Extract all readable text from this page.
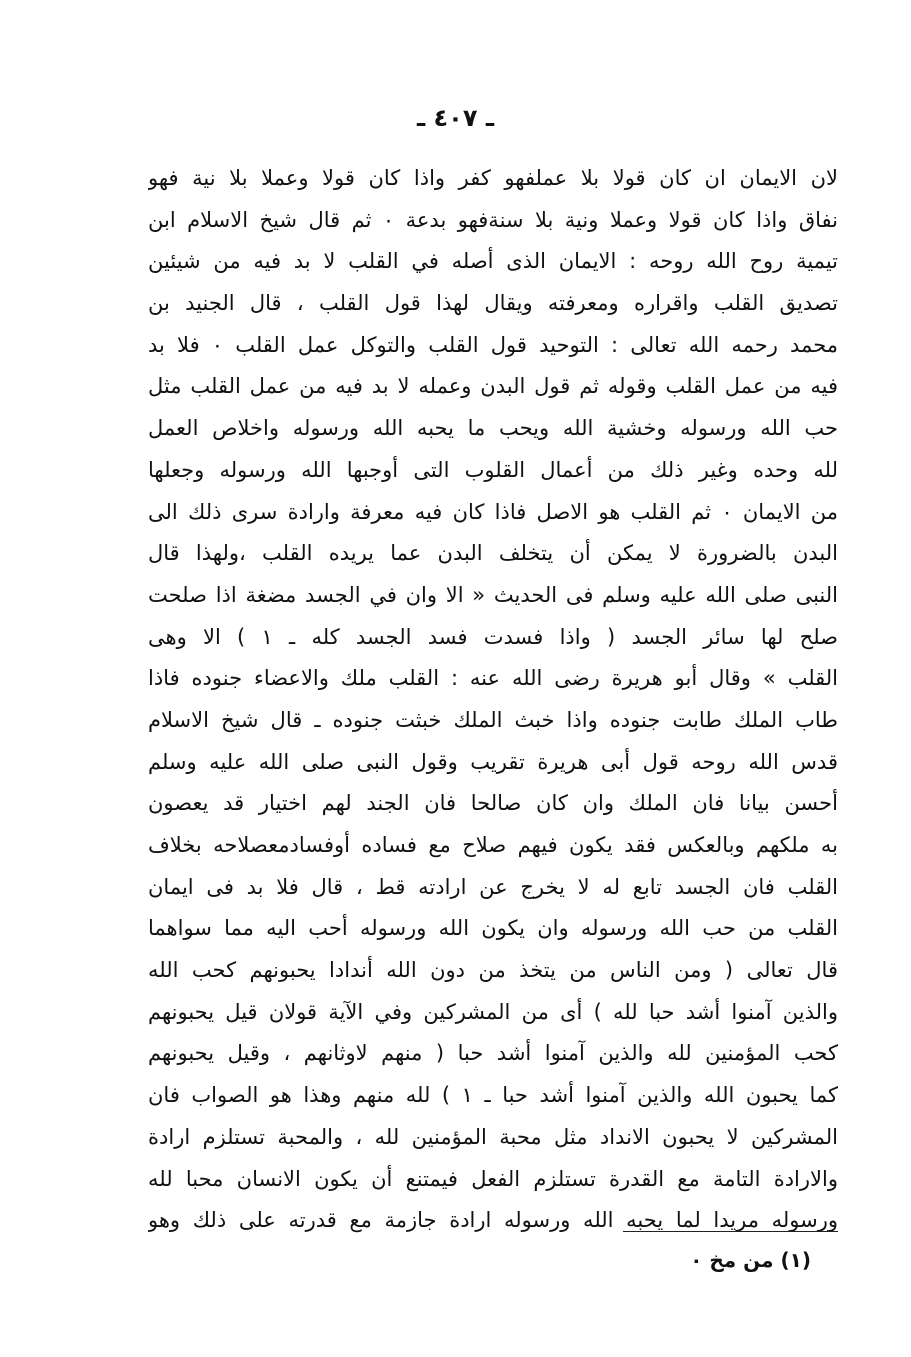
ـ ٤٠٧ ـ
لان الايمان ان كان قولا بلا عملفهو كفر واذا كان قولا وعملا بلا نية فهو
نفاق واذا كان قولا وعملا ونية بلا سنةفهو بدعة ٠ ثم قال شيخ الاسلام ابن
تيمية روح الله روحه : الايمان الذى أصله في القلب لا بد فيه من شيئين
تصديق القلب واقراره ومعرفته ويقال لهذا قول القلب ، قال الجنيد بن
محمد رحمه الله تعالى : التوحيد قول القلب والتوكل عمل القلب ٠ فلا بد
فيه من عمل القلب وقوله ثم قول البدن وعمله لا بد فيه من عمل القلب مثل
حب الله ورسوله وخشية الله ويحب ما يحبه الله ورسوله واخلاص العمل
لله وحده وغير ذلك من أعمال القلوب التى أوجبها الله ورسوله وجعلها
من الايمان ٠ ثم القلب هو الاصل فاذا كان فيه معرفة وارادة سرى ذلك الى
البدن بالضرورة لا يمكن أن يتخلف البدن عما يريده القلب ،ولهذا قال
النبى صلى الله عليه وسلم فى الحديث « الا وان في الجسد مضغة اذا صلحت
صلح لها سائر الجسد ( واذا فسدت فسد الجسد كله ـ ١ ) الا وهى
القلب » وقال أبو هريرة رضى الله عنه : القلب ملك والاعضاء جنوده فاذا
طاب الملك طابت جنوده واذا خبث الملك خبثت جنوده ـ قال شيخ الاسلام
قدس الله روحه قول أبى هريرة تقريب وقول النبى صلى الله عليه وسلم
أحسن بيانا فان الملك وان كان صالحا فان الجند لهم اختيار قد يعصون
به ملكهم وبالعكس فقد يكون فيهم صلاح مع فساده أوفسادمعصلاحه بخلاف
القلب فان الجسد تابع له لا يخرج عن ارادته قط ، قال فلا بد فى ايمان
القلب من حب الله ورسوله وان يكون الله ورسوله أحب اليه مما سواهما
قال تعالى ( ومن الناس من يتخذ من دون الله أندادا يحبونهم كحب الله
والذين آمنوا أشد حبا لله ) أى من المشركين وفي الآية قولان قيل يحبونهم
كحب المؤمنين لله والذين آمنوا أشد حبا ( منهم لاوثانهم ، وقيل يحبونهم
كما يحبون الله والذين آمنوا أشد حبا ـ ١ ) لله منهم وهذا هو الصواب فان
المشركين لا يحبون الانداد مثل محبة المؤمنين لله ، والمحبة تستلزم ارادة
والارادة التامة مع القدرة تستلزم الفعل فيمتنع أن يكون الانسان محبا لله
ورسوله مريدا لما يحبه الله ورسوله ارادة جازمة مع قدرته على ذلك وهو
(١) من مخ ٠
